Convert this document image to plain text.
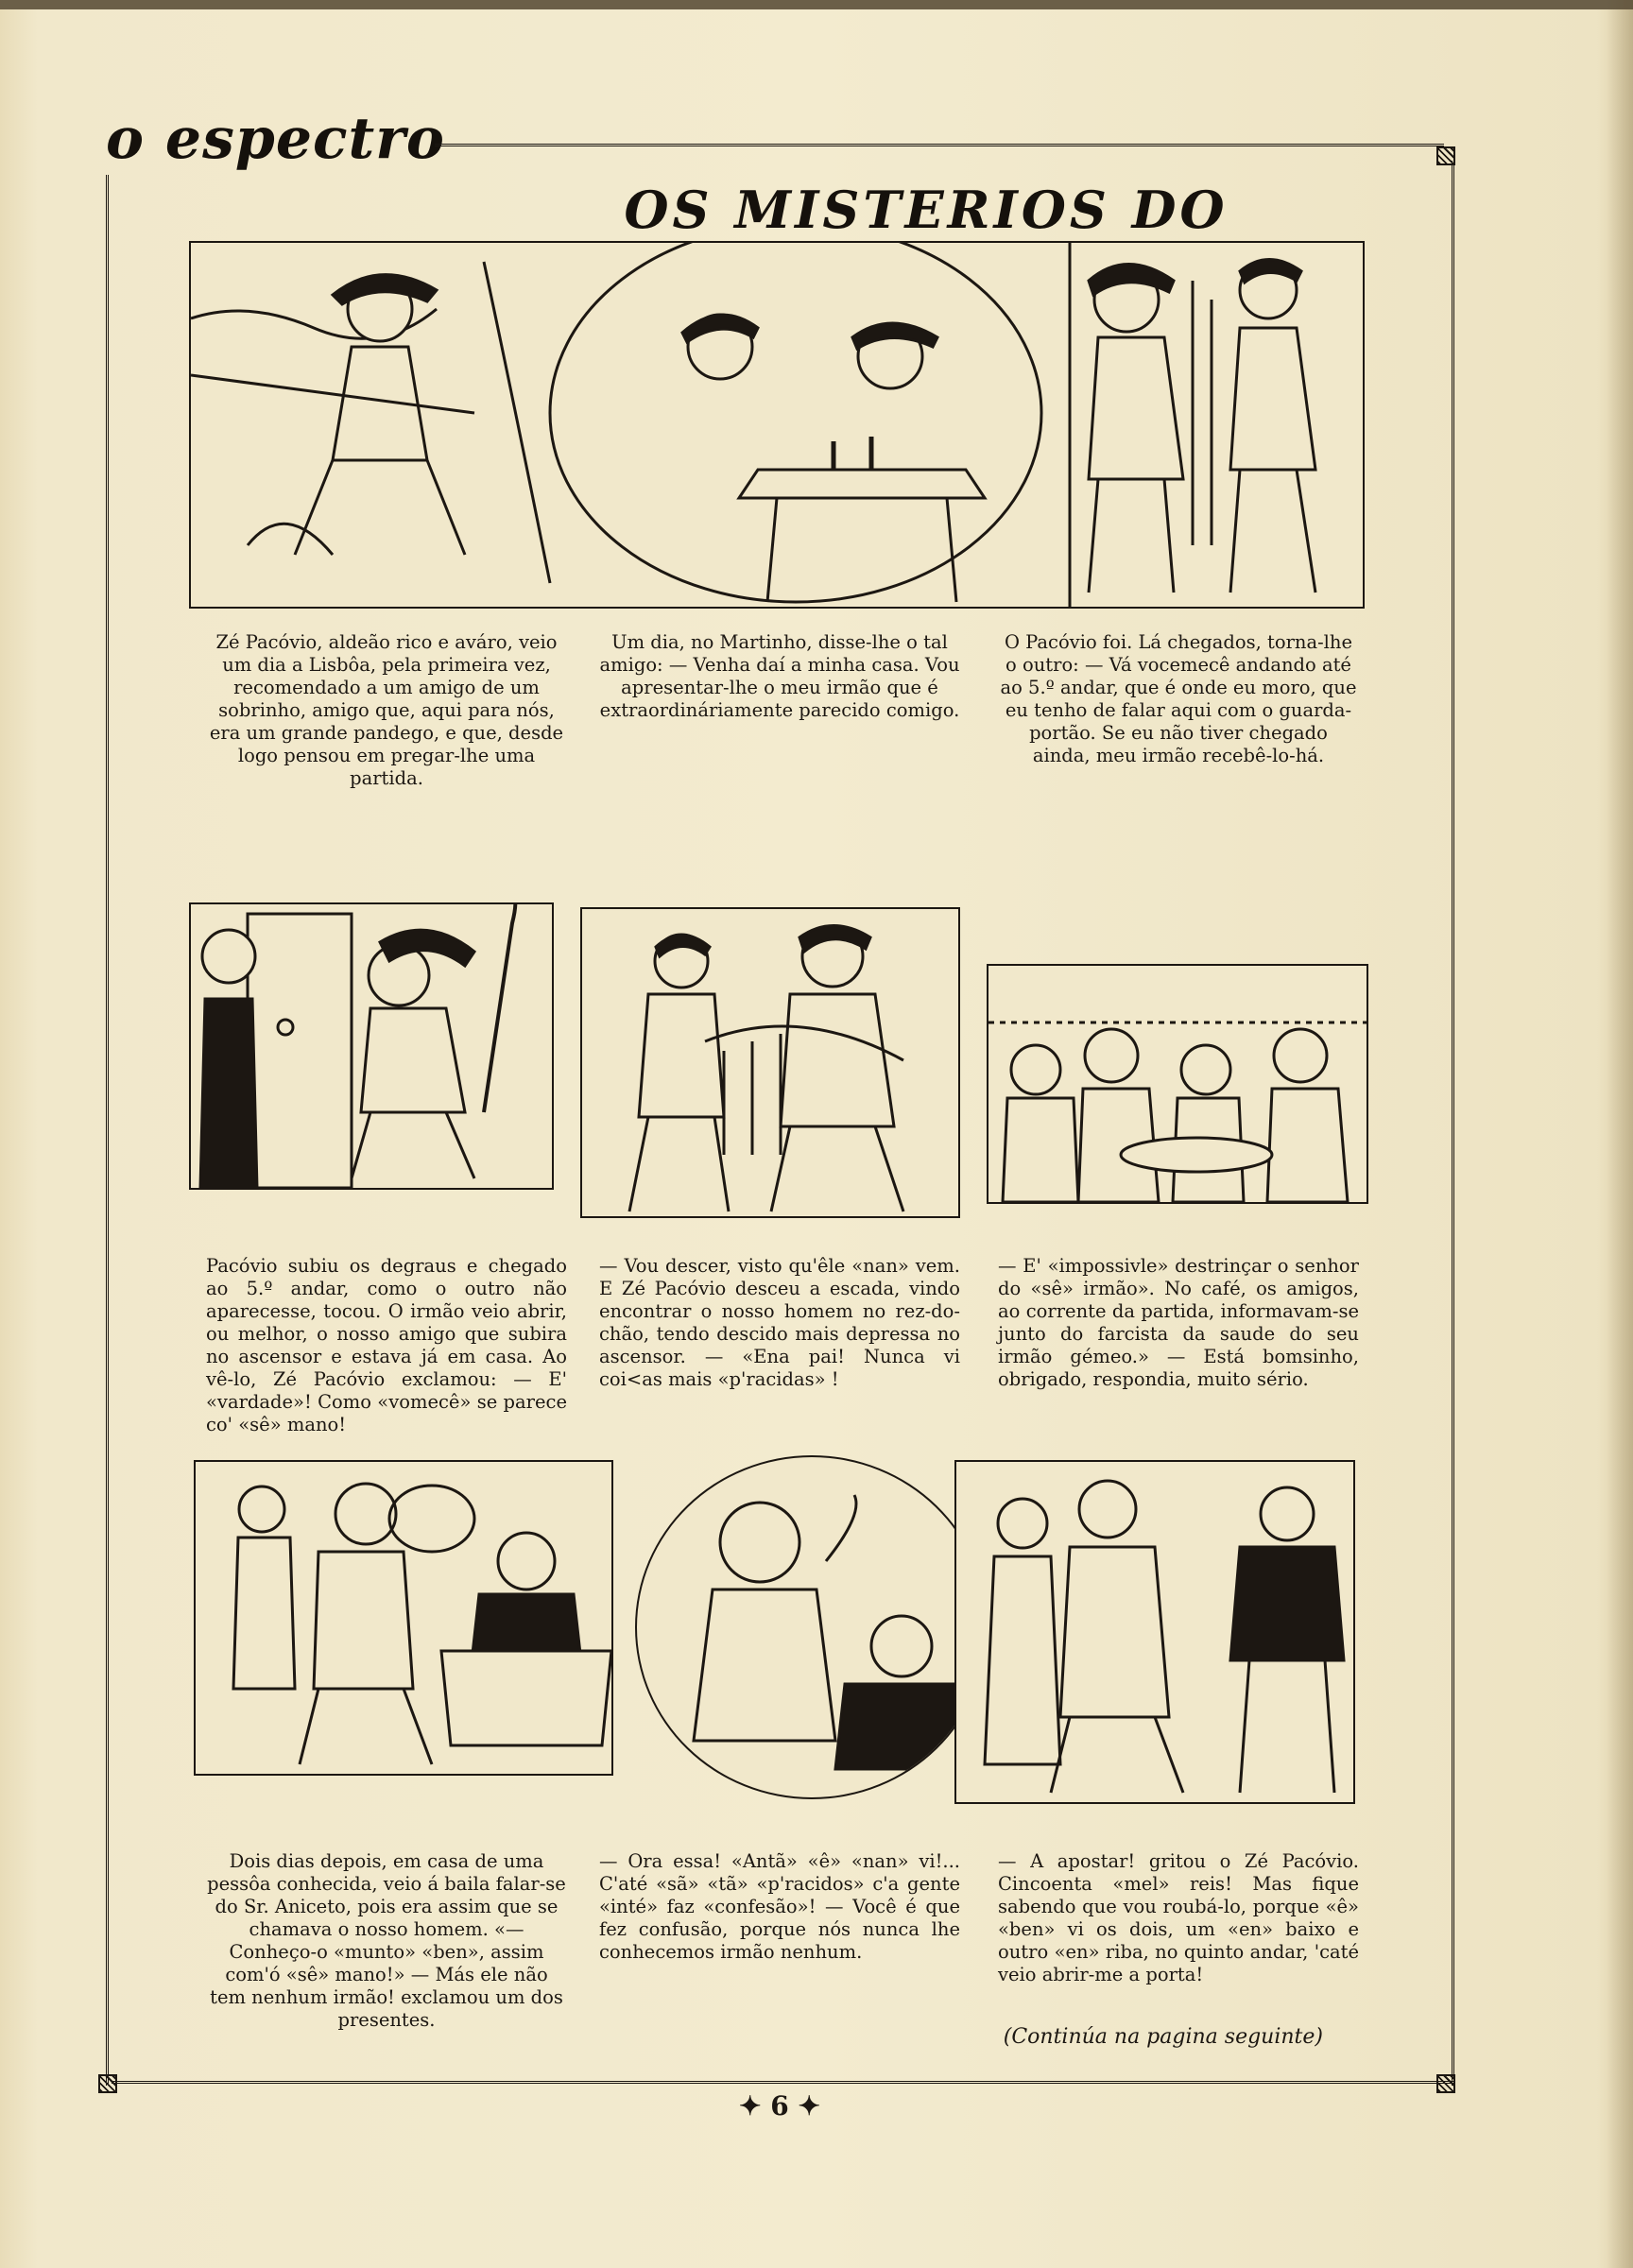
o espectro
OS MISTERIOS DO
Zé Pacóvio, aldeão rico e aváro, veio um dia a Lisbôa, pela primeira vez, recomendado a um amigo de um sobrinho, amigo que, aqui para nós, era um grande pandego, e que, desde logo pensou em pregar-lhe uma partida.
Um dia, no Martinho, disse-lhe o tal amigo: — Venha daí a minha casa. Vou apresentar-lhe o meu irmão que é extraordináriamente parecido comigo.
O Pacóvio foi. Lá chegados, torna-lhe o outro: — Vá vocemecê andando até ao 5.º andar, que é onde eu moro, que eu tenho de falar aqui com o guarda-portão. Se eu não tiver chegado ainda, meu irmão recebê-lo-há.
Pacóvio subiu os degraus e chegado ao 5.º andar, como o outro não aparecesse, tocou. O irmão veio abrir, ou melhor, o nosso amigo que subira no ascensor e estava já em casa. Ao vê-lo, Zé Pacóvio exclamou: — E' «vardade»! Como «vomecê» se parece co' «sê» mano!
— Vou descer, visto qu'êle «nan» vem. E Zé Pacóvio desceu a escada, vindo encontrar o nosso homem no rez-do-chão, tendo descido mais depressa no ascensor. — «Ena pai! Nunca vi coi<as mais «p'racidas» !
— E' «impossivle» destrinçar o senhor do «sê» irmão». No café, os amigos, ao corrente da partida, informavam-se junto do farcista da saude do seu irmão gémeo.» — Está bomsinho, obrigado, respondia, muito sério.
Dois dias depois, em casa de uma pessôa conhecida, veio á baila falar-se do Sr. Aniceto, pois era assim que se chamava o nosso homem. «— Conheço-o «munto» «ben», assim com'ó «sê» mano!» — Más ele não tem nenhum irmão! exclamou um dos presentes.
— Ora essa! «Antã» «ê» «nan» vi!... C'até «sã» «tã» «p'racidos» c'a gente «inté» faz «confesão»! — Você é que fez confusão, porque nós nunca lhe conhecemos irmão nenhum.
— A apostar! gritou o Zé Pacóvio. Cincoenta «mel» reis! Mas fique sabendo que vou roubá-lo, porque «ê» «ben» vi os dois, um «en» baixo e outro «en» riba, no quinto andar, 'caté veio abrir-me a porta!
(Continúa na pagina seguinte)
✦ 6 ✦
